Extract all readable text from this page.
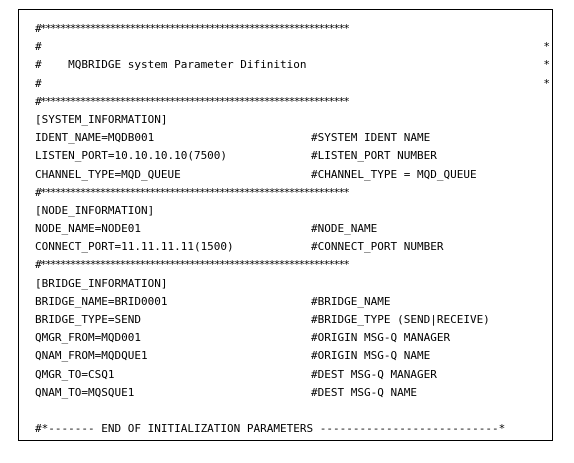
#**************************************************************
#	*
#    MQBRIDGE system Parameter Difinition	*
#	*
#**************************************************************
[SYSTEM_INFORMATION]
IDENT_NAME=MQDB001	#SYSTEM IDENT NAME
LISTEN_PORT=10.10.10.10(7500)	#LISTEN_PORT NUMBER
CHANNEL_TYPE=MQD_QUEUE	#CHANNEL_TYPE = MQD_QUEUE
#**************************************************************
[NODE_INFORMATION]
NODE_NAME=NODE01	#NODE_NAME
CONNECT_PORT=11.11.11.11(1500)	#CONNECT_PORT NUMBER
#**************************************************************
[BRIDGE_INFORMATION]
BRIDGE_NAME=BRID0001	#BRIDGE_NAME
BRIDGE_TYPE=SEND	#BRIDGE_TYPE (SEND|RECEIVE)
QMGR_FROM=MQD001	#ORIGIN MSG-Q MANAGER
QNAM_FROM=MQDQUE1	#ORIGIN MSG-Q NAME
QMGR_TO=CSQ1	#DEST MSG-Q MANAGER
QNAM_TO=MQSQUE1	#DEST MSG-Q NAME
#*------- END OF INITIALIZATION PARAMETERS ---------------------------*
